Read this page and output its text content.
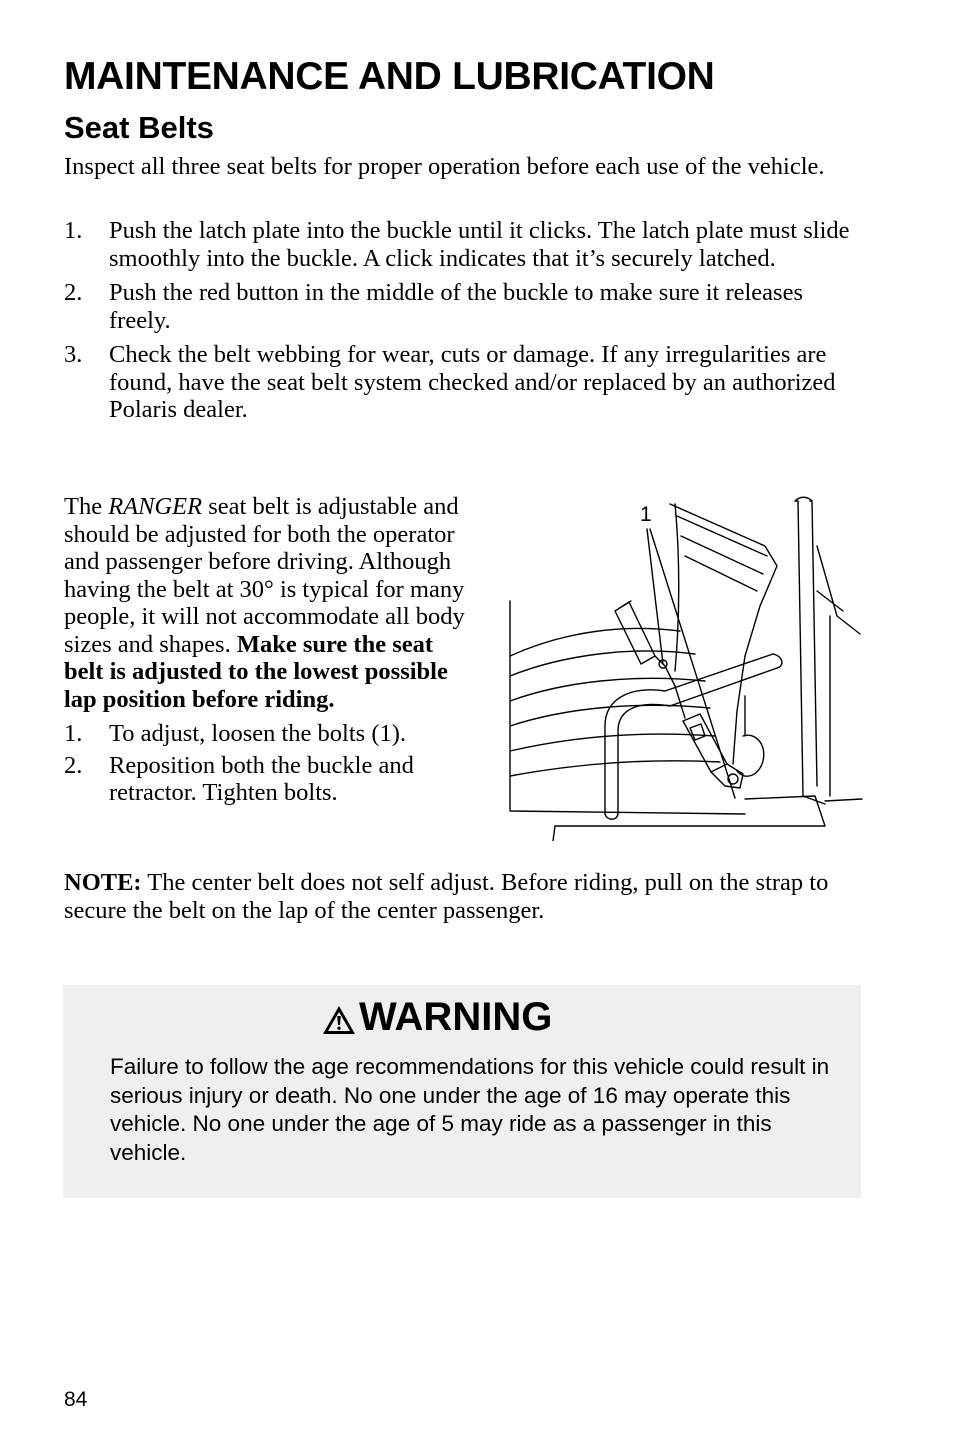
MAINTENANCE AND LUBRICATION
Seat Belts

Inspect all three seat belts for proper operation before each use of the vehicle.

1. Push the latch plate into the buckle until it clicks. The latch plate must slide smoothly into the buckle. A click indicates that it’s securely latched.
2. Push the red button in the middle of the buckle to make sure it releases freely.
3. Check the belt webbing for wear, cuts or damage. If any irregularities are found, have the seat belt system checked and/or replaced by an authorized Polaris dealer.

The RANGER seat belt is adjustable and should be adjusted for both the operator and passenger before driving. Although having the belt at 30° is typical for many people, it will not accommodate all body sizes and shapes. Make sure the seat belt is adjusted to the lowest possible lap position before riding.

1. To adjust, loosen the bolts (1).
2. Reposition both the buckle and retractor. Tighten bolts.
1

NOTE: The center belt does not self adjust. Before riding, pull on the strap to secure the belt on the lap of the center passenger.

WARNING

Failure to follow the age recommendations for this vehicle could result in serious injury or death. No one under the age of 16 may operate this vehicle. No one under the age of 5 may ride as a passenger in this vehicle.

84
